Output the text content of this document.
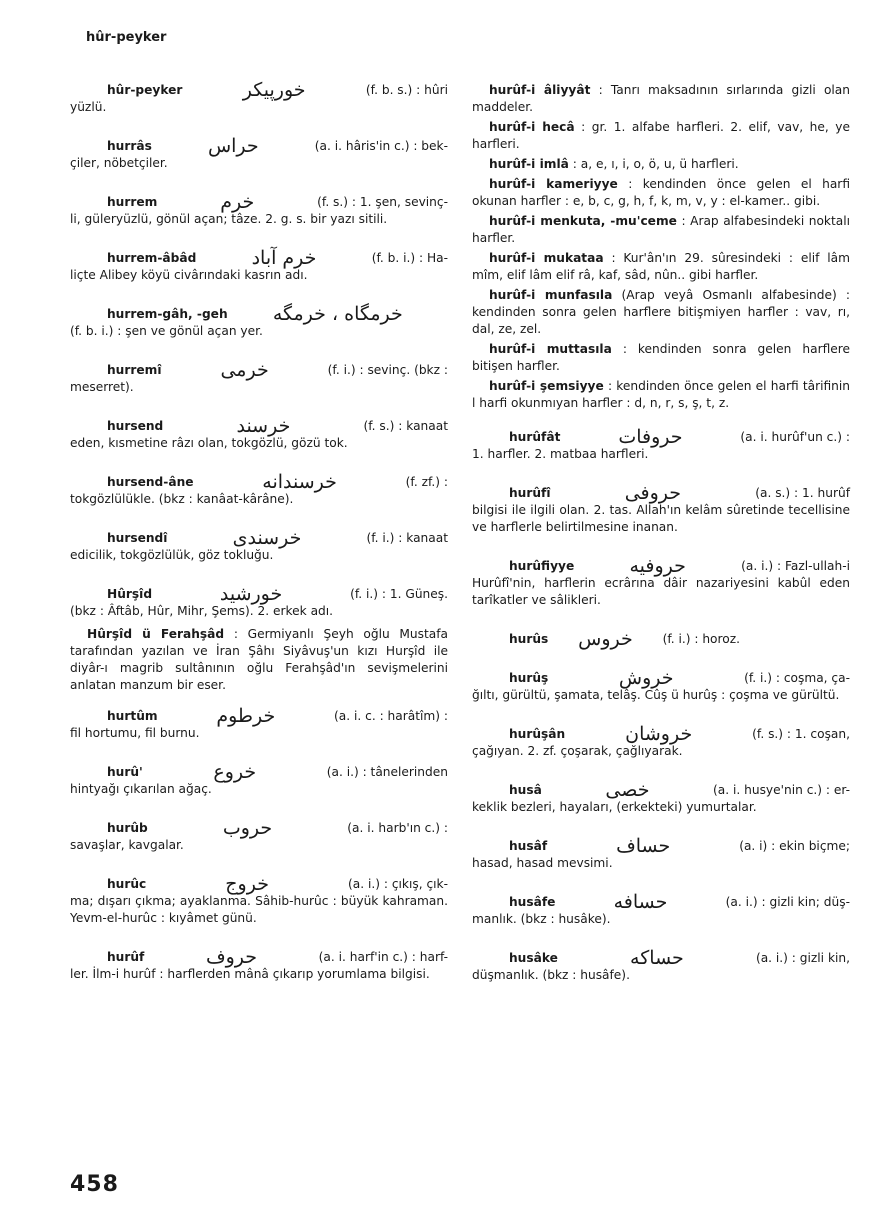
hûr-peyker
hûr-peyker	خورپیکر	(f. b. s.) : hûri
yüzlü.
hurrâs	حراس	(a. i. hâris'in c.) : bek-
çiler, nöbetçiler.
hurrem	خرم	(f. s.) : 1. şen, sevinç-
li, güleryüzlü, gönül açan; tâze. 2. g. s. bir yazı sitili.
hurrem-âbâd	خرم آباد	(f. b. i.) : Ha-
liçte Alibey köyü civârındaki kasrın adı.
hurrem-gâh, -geh	خرمگاه ، خرمگه
(f. b. i.) : şen ve gönül açan yer.
hurremî	خرمی	(f. i.) : sevinç. (bkz :
meserret).
hursend	خرسند	(f. s.) : kanaat
eden, kısmetine râzı olan, tokgözlü, gözü tok.
hursend-âne	خرسندانه	(f. zf.) :
tokgözlülükle. (bkz : kanâat-kârâne).
hursendî	خرسندی	(f. i.) : kanaat
edicilik, tokgözlülük, göz tokluğu.
Hûrşîd	خورشید	(f. i.) : 1. Güneş.
(bkz : Âftâb, Hûr, Mihr, Şems). 2. erkek adı.
Hûrşîd ü Ferahşâd : Germiyanlı Şeyh oğlu Mustafa tarafından yazılan ve İran Şâhı Siyâvuş'un kızı Hurşîd ile diyâr-ı magrib sultânının oğlu Ferahşâd'ın sevişmelerini anlatan manzum bir eser.
hurtûm	خرطوم	(a. i. c. : harâtîm) :
fil hortumu, fil burnu.
hurû'	خروع	(a. i.) : tânelerinden
hintyağı çıkarılan ağaç.
hurûb	حروب	(a. i. harb'ın c.) :
savaşlar, kavgalar.
hurûc	خروج	(a. i.) : çıkış, çık-
ma; dışarı çıkma; ayaklanma. Sâhib-hurûc : büyük kahraman. Yevm-el-hurûc : kıyâmet günü.
hurûf	حروف	(a. i. harf'in c.) : harf-
ler. İlm-i hurûf : harflerden mânâ çıkarıp yorumlama bilgisi.
hurûf-i âliyyât : Tanrı maksadının sırlarında gizli olan maddeler.
hurûf-i hecâ : gr. 1. alfabe harfleri. 2. elif, vav, he, ye harfleri.
hurûf-i imlâ : a, e, ı, i, o, ö, u, ü harfleri.
hurûf-i kameriyye : kendinden önce gelen el harfi okunan harfler : e, b, c, g, h, f, k, m, v, y : el-kamer.. gibi.
hurûf-i menkuta, -mu'ceme : Arap alfabesindeki noktalı harfler.
hurûf-i mukataa : Kur'ân'ın 29. sûresindeki : elif lâm mîm, elif lâm elif râ, kaf, sâd, nûn.. gibi harfler.
hurûf-i munfasıla (Arap veyâ Osmanlı alfabesinde) : kendinden sonra gelen harflere bitişmiyen harfler : vav, rı, dal, ze, zel.
hurûf-i muttasıla : kendinden sonra gelen harflere bitişen harfler.
hurûf-i şemsiyye : kendinden önce gelen el harfi târifinin l harfi okunmıyan harfler : d, n, r, s, ş, t, z.
hurûfât	حروفات	(a. i. hurûf'un c.) :
1. harfler. 2. matbaa harfleri.
hurûfî	حروفی	(a. s.) : 1. hurûf
bilgisi ile ilgili olan. 2. tas. Allah'ın kelâm sûretinde tecellisine ve harflerle belirtilmesine inanan.
hurûfiyye	حروفیه	(a. i.) : Fazl-ullah-i
Hurûfî'nin, harflerin ecrârına dâir nazariyesini kabûl eden tarîkatler ve sâlikleri.
hurûs	خروس	(f. i.) : horoz.
hurûş	خروش	(f. i.) : coşma, ça-
ğıltı, gürültü, şamata, telâş. Cûş ü hurûş : çoşma ve gürültü.
hurûşân	خروشان	(f. s.) : 1. coşan,
çağıyan. 2. zf. çoşarak, çağlıyarak.
husâ	خصی	(a. i. husye'nin c.) : er-
keklik bezleri, hayaları, (erkekteki) yumurtalar.
husâf	حساف	(a. i) : ekin biçme;
hasad, hasad mevsimi.
husâfe	حسافه	(a. i.) : gizli kin; düş-
manlık. (bkz : husâke).
husâke	حساکه	(a. i.) : gizli kin,
düşmanlık. (bkz : husâfe).
458
